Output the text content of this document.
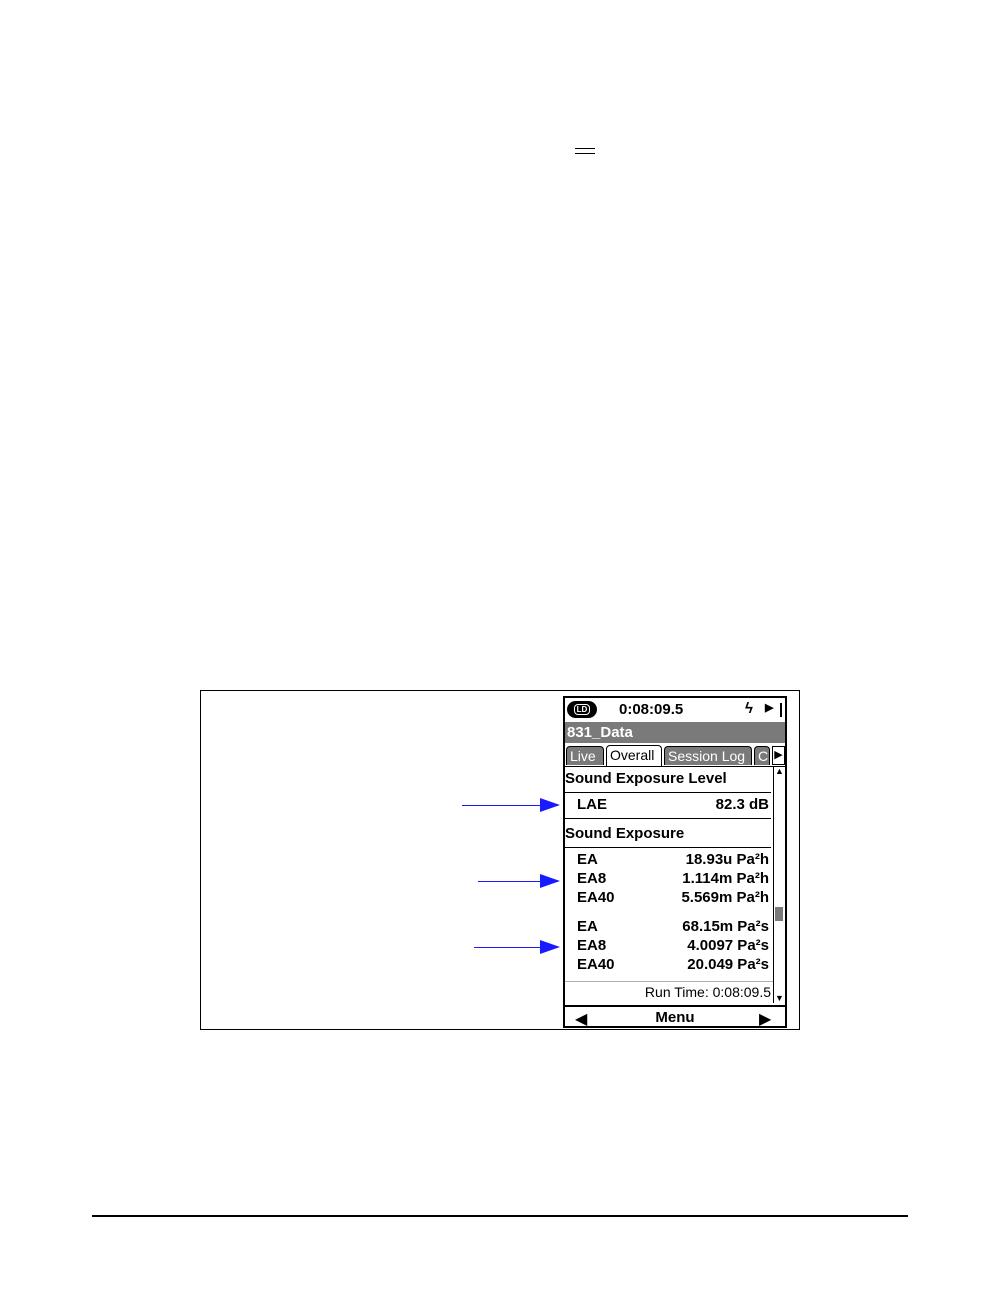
LD 0:08:09.5	ϟ ▶
831_Data
Live	Overall Session Log C ▶
Sound Exposure Level
LAE	82.3 dB
Sound Exposure
EA	18.93u Pa²h
EA8	1.114m Pa²h
EA40	5.569m Pa²h
EA	68.15m Pa²s
EA8	4.0097 Pa²s
EA40	20.049 Pa²s
▲
▼
Run Time: 0:08:09.5
◀	Menu	▶
